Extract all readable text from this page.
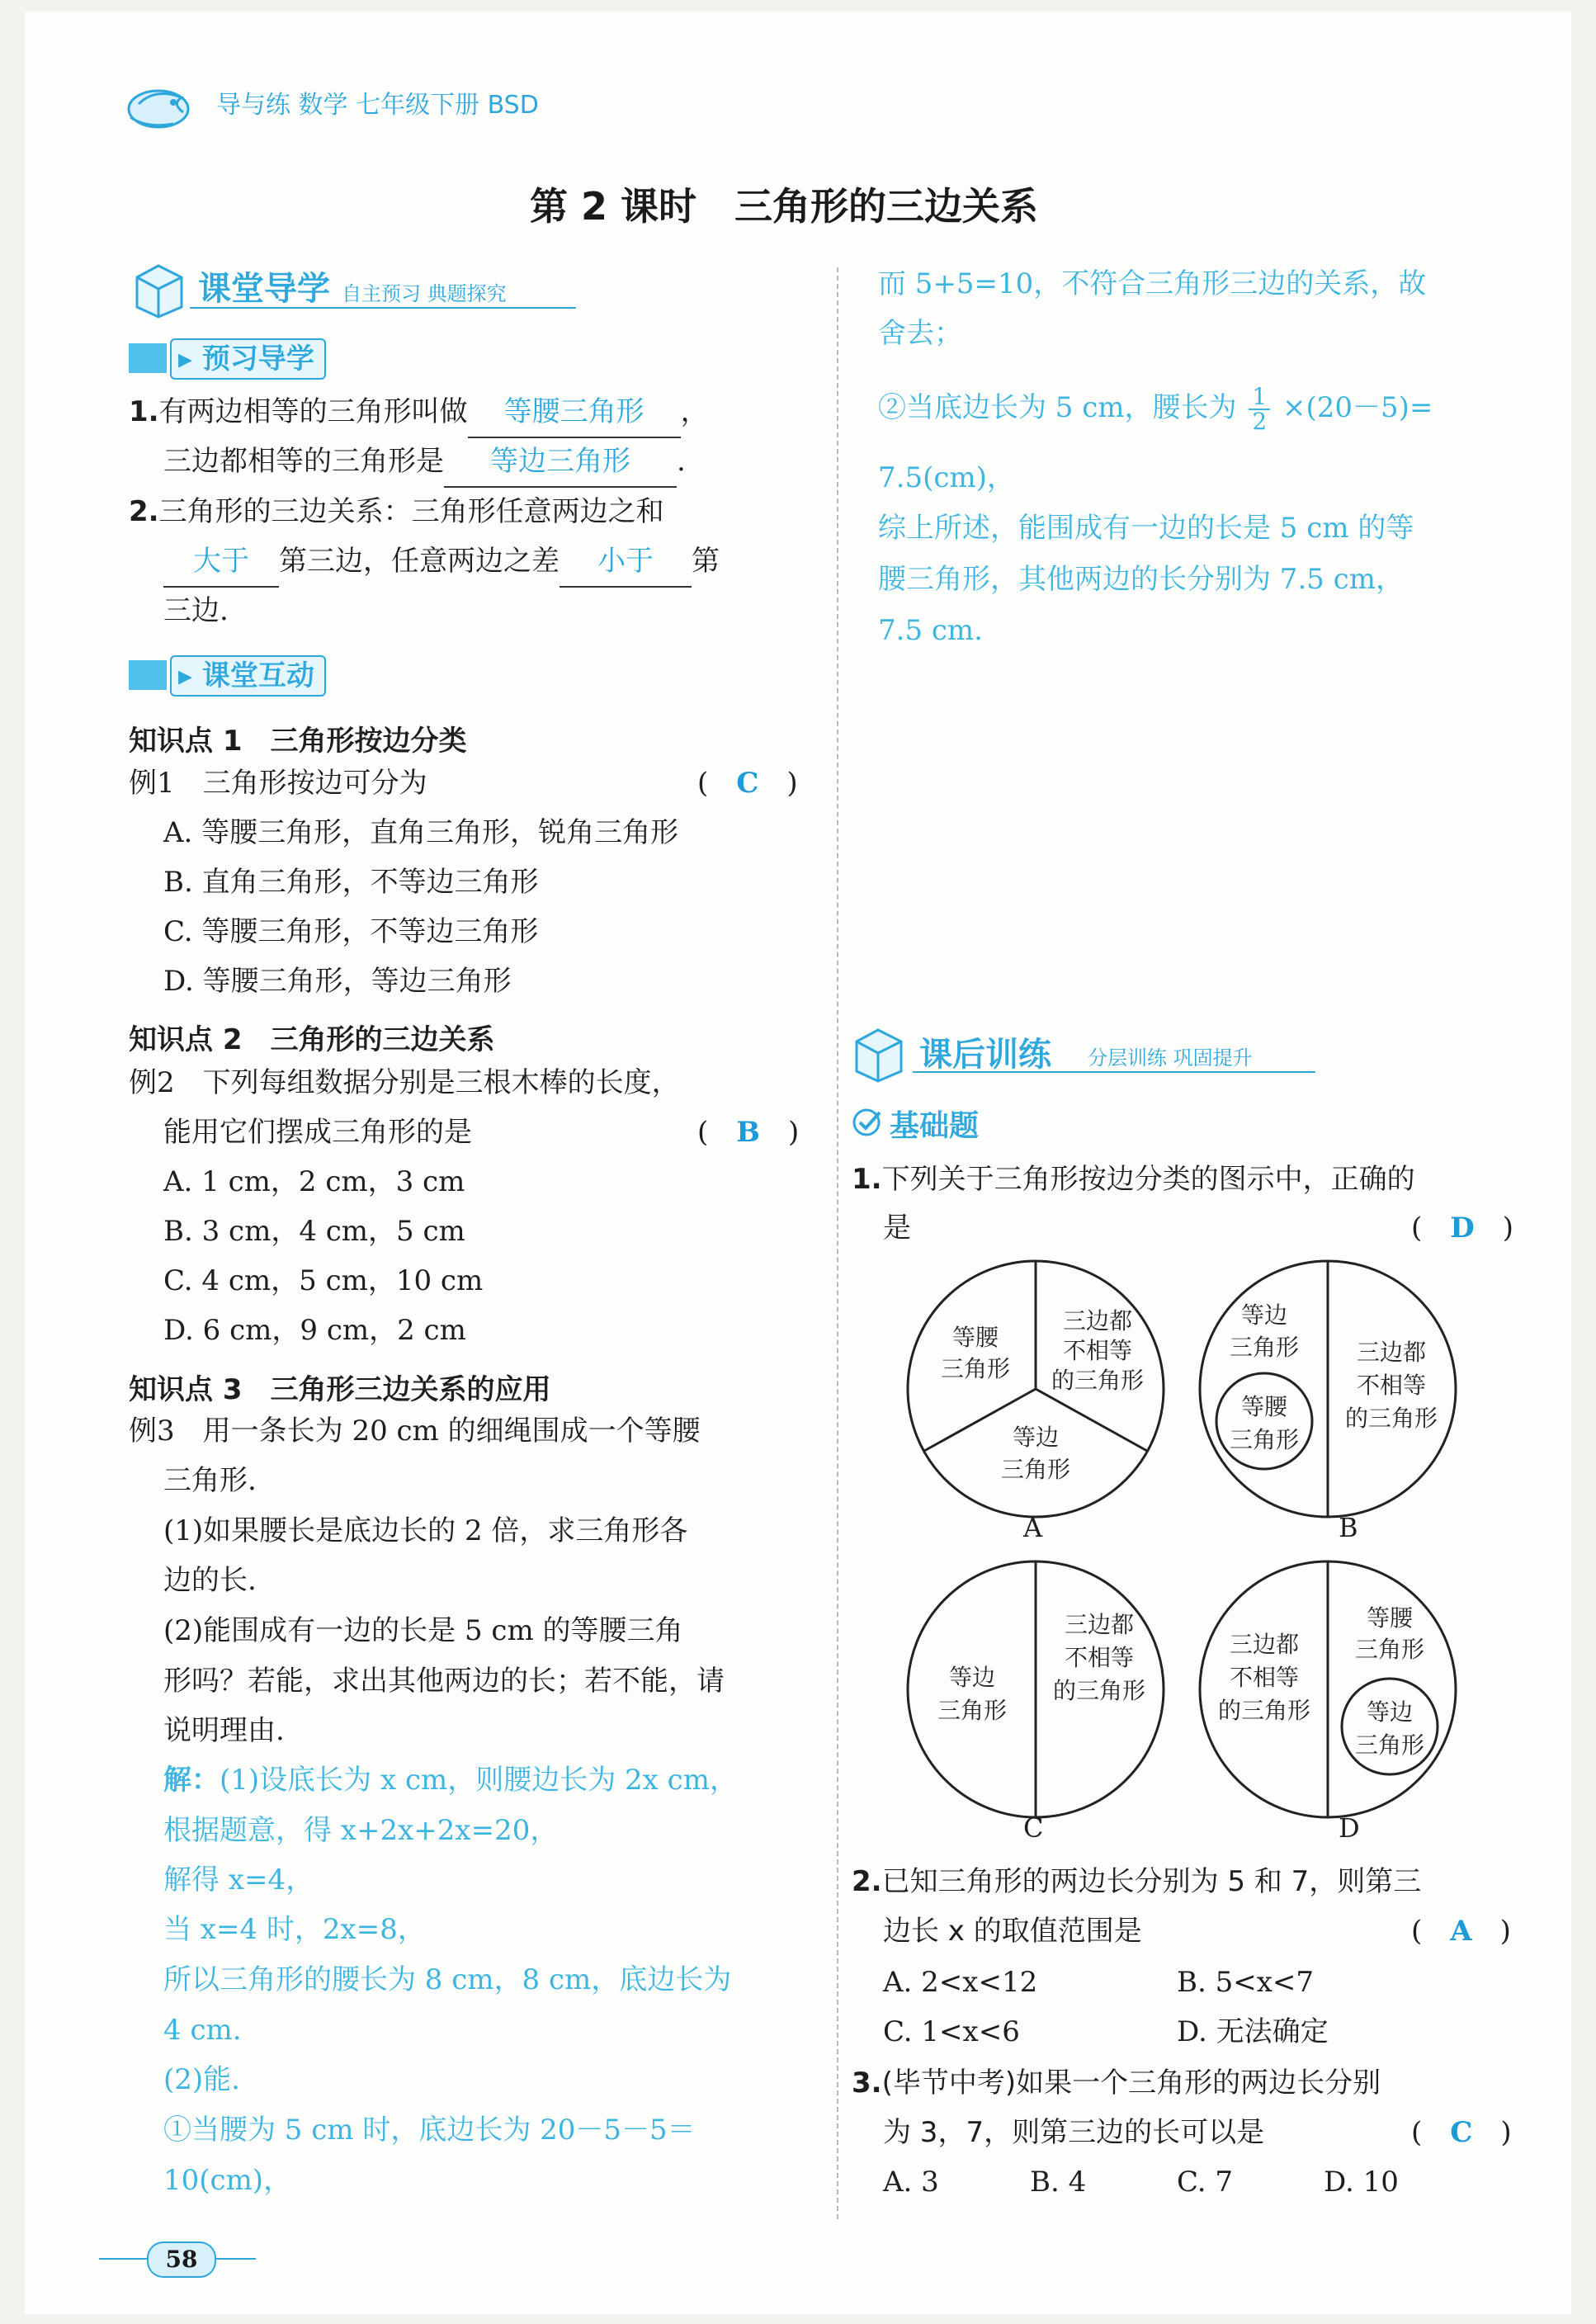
导与练 数学 七年级下册 BSD
第 2 课时　三角形的三边关系
课堂导学 自主预习 典题探究
▸ 预习导学
1.有两边相等的三角形叫做 等腰三角形 ，
三边都相等的三角形是 等边三角形 .
2.三角形的三边关系：三角形任意两边之和
大于 第三边，任意两边之差 小于 第
三边.
▸ 课堂互动
知识点 1　 三角形按边分类
例1　 三角形按边可分为	(　C　)
A. 等腰三角形，直角三角形，锐角三角形
B. 直角三角形，不等边三角形
C. 等腰三角形，不等边三角形
D. 等腰三角形，等边三角形
知识点 2　 三角形的三边关系
例2　 下列每组数据分别是三根木棒的长度，
能用它们摆成三角形的是	(　B　)
A. 1 cm，2 cm，3 cm
B. 3 cm，4 cm，5 cm
C. 4 cm，5 cm，10 cm
D. 6 cm，9 cm，2 cm
知识点 3　 三角形三边关系的应用
例3　 用一条长为 20 cm 的细绳围成一个等腰
三角形.
(1)如果腰长是底边长的 2 倍，求三角形各
边的长.
(2)能围成有一边的长是 5 cm 的等腰三角
形吗？若能，求出其他两边的长；若不能，请
说明理由.
解：(1)设底长为 x cm，则腰边长为 2x cm，
根据题意，得 x+2x+2x=20，
解得 x=4，
当 x=4 时，2x=8，
所以三角形的腰长为 8 cm，8 cm，底边长为
4 cm.
(2)能.
①当腰为 5 cm 时，底边长为 20－5－5＝
10(cm)，
而 5+5=10，不符合三角形三边的关系，故
舍去；
②当底边长为 5 cm，腰长为 $\frac{1}{2} \times(20-5)=$
7.5(cm)，
综上所述，能围成有一边的长是 5 cm 的等
腰三角形，其他两边的长分别为 7.5 cm，
7.5 cm.
课后训练 分层训练 巩固提升
基础题
1.下列关于三角形按边分类的图示中，正确的
是	(　D　)
等腰
三角形
三边都
不相等
的三角形
等边
三角形
A
等边
三角形
等腰
三角形
三边都
不相等
的三角形
B
等边
三角形
三边都
不相等
的三角形
C
三边都
不相等
的三角形
等腰
三角形
等边
三角形
D
2.已知三角形的两边长分别为 5 和 7，则第三
边长 x 的取值范围是	(　A　)
A. 2<x<12	B. 5<x<7
C. 1<x<6	D. 无法确定
3.(毕节中考)如果一个三角形的两边长分别
为 3，7，则第三边的长可以是	(　C　)
A. 3	B. 4	C. 7	D. 10
58
